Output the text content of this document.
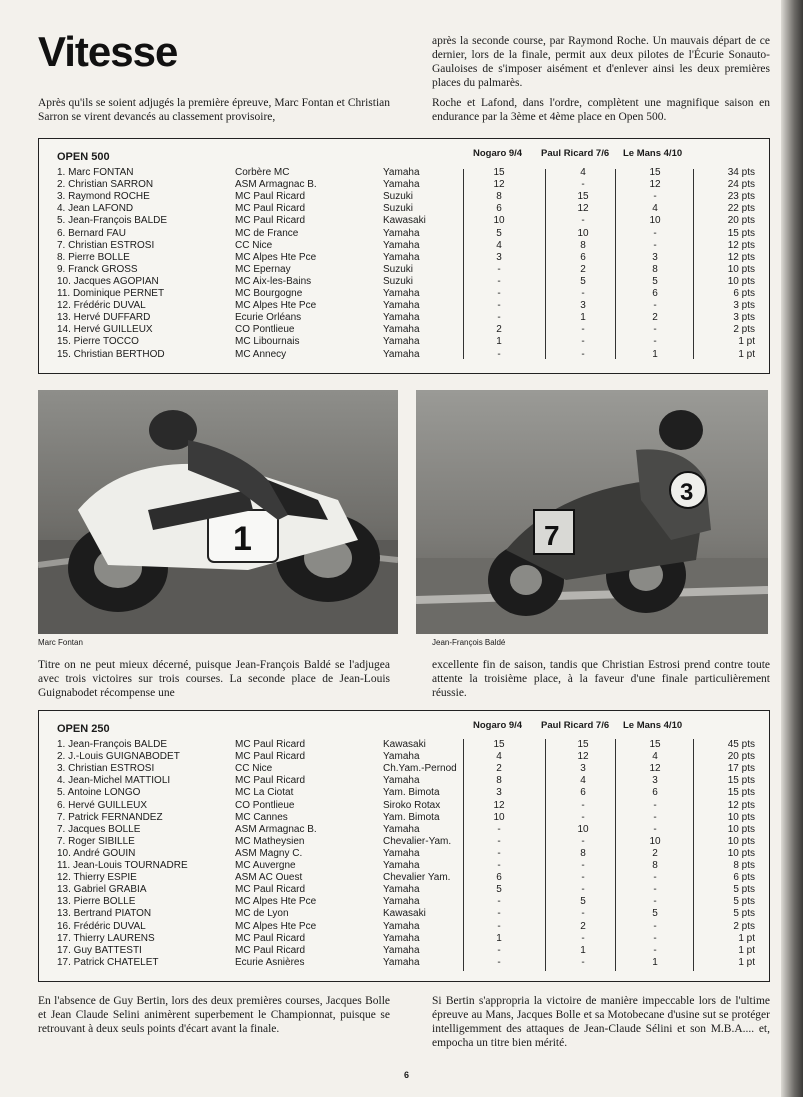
Vitesse
Après qu'ils se soient adjugés la première épreuve, Marc Fontan et Christian Sarron se virent devancés au classement provisoire,
après la seconde course, par Raymond Roche. Un mauvais départ de ce dernier, lors de la finale, permit aux deux pilotes de l'Écurie Sonauto-Gauloises de s'imposer aisément et d'enlever ainsi les deux premières places du palmarès.
Roche et Lafond, dans l'ordre, complètent une magnifique saison en endurance par la 3ème et 4ème place en Open 500.
OPEN 500	Nogaro 9/4 Paul Ricard 7/6 Le Mans 4/10
1. Marc FONTAN	Corbère MC	Yamaha	15	4	15	34 pts
2. Christian SARRON	ASM Armagnac B.	Yamaha	12	-	12	24 pts
3. Raymond ROCHE	MC Paul Ricard	Suzuki	8	15	-	23 pts
4. Jean LAFOND	MC Paul Ricard	Suzuki	6	12	4	22 pts
5. Jean-François BALDE	MC Paul Ricard	Kawasaki	10	-	10	20 pts
6. Bernard FAU	MC de France	Yamaha	5	10	-	15 pts
7. Christian ESTROSI	CC Nice	Yamaha	4	8	-	12 pts
8. Pierre BOLLE	MC Alpes Hte Pce	Yamaha	3	6	3	12 pts
9. Franck GROSS	MC Epernay	Suzuki	-	2	8	10 pts
10. Jacques AGOPIAN	MC Aix-les-Bains	Suzuki	-	5	5	10 pts
11. Dominique PERNET	MC Bourgogne	Yamaha	-	-	6	6 pts
12. Frédéric DUVAL	MC Alpes Hte Pce	Yamaha	-	3	-	3 pts
13. Hervé DUFFARD	Ecurie Orléans	Yamaha	-	1	2	3 pts
14. Hervé GUILLEUX	CO Pontlieue	Yamaha	2	-	-	2 pts
15. Pierre TOCCO	MC Libournais	Yamaha	1	-	-	1 pt
15. Christian BERTHOD	MC Annecy	Yamaha	-	-	1	1 pt
1	7
3
Marc Fontan	Jean-François Baldé
Titre on ne peut mieux décerné, puisque Jean-François Baldé se l'adjugea avec trois victoires sur trois courses. La seconde place de Jean-Louis Guignabodet récompense une
excellente fin de saison, tandis que Christian Estrosi prend contre toute attente la troisième place, à la faveur d'une finale particulièrement réussie.
OPEN 250	Nogaro 9/4 Paul Ricard 7/6 Le Mans 4/10
1. Jean-François BALDE	MC Paul Ricard	Kawasaki	15	15	15	45 pts
2. J.-Louis GUIGNABODET	MC Paul Ricard	Yamaha	4	12	4	20 pts
3. Christian ESTROSI	CC Nice	Ch.Yam.-Pernod	2	3	12	17 pts
4. Jean-Michel MATTIOLI	MC Paul Ricard	Yamaha	8	4	3	15 pts
5. Antoine LONGO	MC La Ciotat	Yam. Bimota	3	6	6	15 pts
6. Hervé GUILLEUX	CO Pontlieue	Siroko Rotax	12	-	-	12 pts
7. Patrick FERNANDEZ	MC Cannes	Yam. Bimota	10	-	-	10 pts
7. Jacques BOLLE	ASM Armagnac B.	Yamaha	-	10	-	10 pts
7. Roger SIBILLE	MC Matheysien	Chevalier-Yam.	-	-	10	10 pts
10. André GOUIN	ASM Magny C.	Yamaha	-	8	2	10 pts
11. Jean-Louis TOURNADRE	MC Auvergne	Yamaha	-	-	8	8 pts
12. Thierry ESPIE	ASM AC Ouest	Chevalier Yam.	6	-	-	6 pts
13. Gabriel GRABIA	MC Paul Ricard	Yamaha	5	-	-	5 pts
13. Pierre BOLLE	MC Alpes Hte Pce	Yamaha	-	5	-	5 pts
13. Bertrand PIATON	MC de Lyon	Kawasaki	-	-	5	5 pts
16. Frédéric DUVAL	MC Alpes Hte Pce	Yamaha	-	2	-	2 pts
17. Thierry LAURENS	MC Paul Ricard	Yamaha	1	-	-	1 pt
17. Guy BATTESTI	MC Paul Ricard	Yamaha	-	1	-	1 pt
17. Patrick CHATELET	Ecurie Asnières	Yamaha	-	-	1	1 pt
En l'absence de Guy Bertin, lors des deux premières courses, Jacques Bolle et Jean Claude Selini animèrent superbement le Championnat, puisque se retrouvant à deux seuls points d'écart avant la finale.
Si Bertin s'appropria la victoire de manière impeccable lors de l'ultime épreuve au Mans, Jacques Bolle et sa Motobecane d'usine sut se protéger intelligemment des attaques de Jean-Claude Sélini et son M.B.A.... et, empocha un titre bien mérité.
6
